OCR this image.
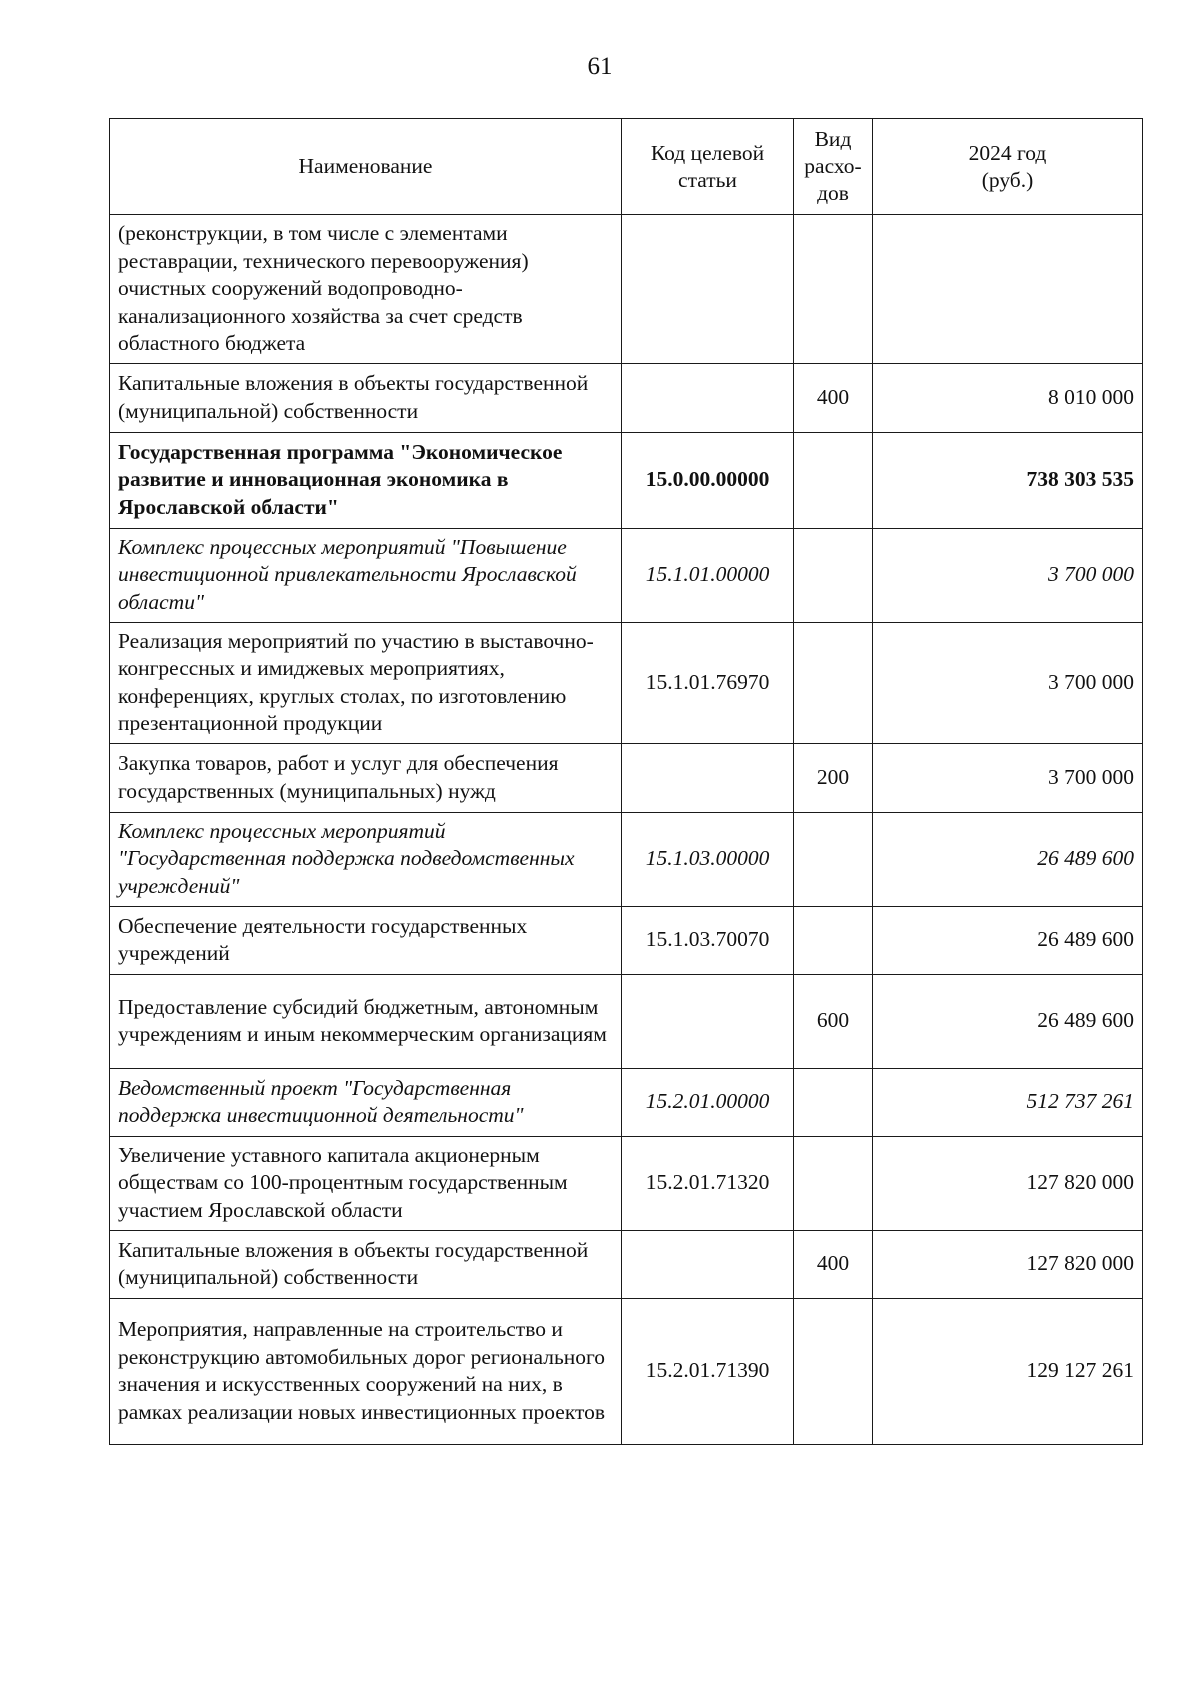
61
Наименование	Код целевой статьи	Вид расхо-дов	2024 год (руб.)
(реконструкции, в том числе с элементами реставрации, технического перевооружения) очистных сооружений водопроводно-канализационного хозяйства за счет средств областного бюджета			
Капитальные вложения в объекты государственной (муниципальной) собственности		400	8 010 000
Государственная программа "Экономическое развитие и инновационная экономика в Ярославской области"	15.0.00.00000		738 303 535
Комплекс процессных мероприятий "Повышение инвестиционной привлекательности Ярославской области"	15.1.01.00000		3 700 000
Реализация мероприятий по участию в выставочно-конгрессных и имиджевых мероприятиях, конференциях, круглых столах, по изготовлению презентационной продукции	15.1.01.76970		3 700 000
Закупка товаров, работ и услуг для обеспечения государственных (муниципальных) нужд		200	3 700 000
Комплекс процессных мероприятий "Государственная поддержка подведомственных учреждений"	15.1.03.00000		26 489 600
Обеспечение деятельности государственных учреждений	15.1.03.70070		26 489 600
Предоставление субсидий бюджетным, автономным учреждениям и иным некоммерческим организациям		600	26 489 600
Ведомственный проект "Государственная поддержка инвестиционной деятельности"	15.2.01.00000		512 737 261
Увеличение уставного капитала акционерным обществам со 100-процентным государственным участием Ярославской области	15.2.01.71320		127 820 000
Капитальные вложения в объекты государственной (муниципальной) собственности		400	127 820 000
Мероприятия, направленные на строительство и реконструкцию автомобильных дорог регионального значения и искусственных сооружений на них, в рамках реализации новых инвестиционных проектов	15.2.01.71390		129 127 261
